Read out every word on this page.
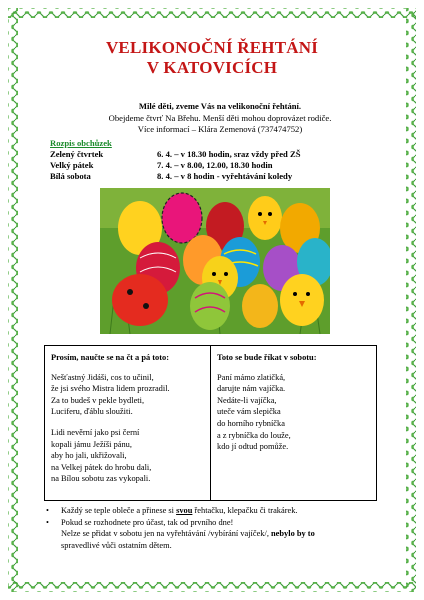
VELIKONOČNÍ ŘEHTÁNÍ
V KATOVICÍCH
Milé děti, zveme Vás na velikonoční řehtání.
Obejdeme čtvrť Na Břehu. Menší děti mohou doprovázet rodiče.
Více informací – Klára Zemenová (737474752)
Rozpis obchůzek
Zelený čtvrtek	6. 4. – v 18.30 hodin, sraz vždy před ZŠ
Velký pátek	7. 4. – v 8.00, 12.00, 18.30 hodin
Bílá sobota	8. 4. – v 8 hodin - vyřehtávání koledy
Prosím, naučte se na čt a pá toto:
Nešťastný Jidáši, cos to učinil,
že jsi svého Mistra lidem prozradil.
Za to budeš v pekle bydleti,
Luciferu, ďáblu sloužiti.
Lidi nevěrní jako psi černí
kopali jámu Ježíši pánu,
aby ho jali, ukřižovali,
na Velkej pátek do hrobu dali,
na Bílou sobotu zas vykopali.

Toto se bude říkat v sobotu:
Paní mámo zlatičká,
darujte nám vajíčka.
Nedáte-li vajíčka,
uteče vám slepička
do horního rybníčka
a z rybníčka do louže,
kdo jí odtud pomůže.
• Každý se teple obleče a přinese si svou řehtačku, klepačku či trakárek.
• Pokud se rozhodnete pro účast, tak od prvního dne!
Nelze se přidat v sobotu jen na vyřehtávání /vybírání vajíček/, nebylo by to
spravedlivé vůči ostatním dětem.
